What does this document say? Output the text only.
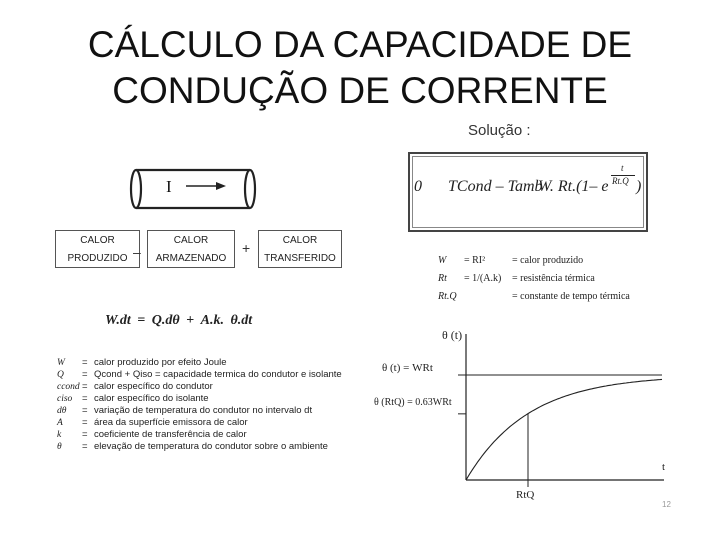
CÁLCULO DA CAPACIDADE DE
CONDUÇÃO DE CORRENTE
I
Solução :
0 TCond – Tamb
W. Rt.(1– e
t
Rt.Q )
CALOR
PRODUZIDO –
CALOR
ARMAZENADO
+	CALOR
TRANSFERIDO
W.dt = Q.dθ + A.k. θ.dt
W = RI²	= calor produzido
Rt = 1/(A.k) = resistência térmica
Rt.Q	= constante de tempo térmica
W = calor produzido por efeito Joule
Q = Qcond + Qiso = capacidade termica do condutor e isolante
ccond = calor específico do condutor
ciso = calor específico do isolante
dθ = variação de temperatura do condutor no intervalo dt
A = área da superfície emissora de calor
k = coeficiente de transferência de calor
θ = elevação de temperatura do condutor sobre o ambiente
θ (t)
θ (t) = WRt
θ (RtQ) = 0.63WRt
t
RtQ
12
